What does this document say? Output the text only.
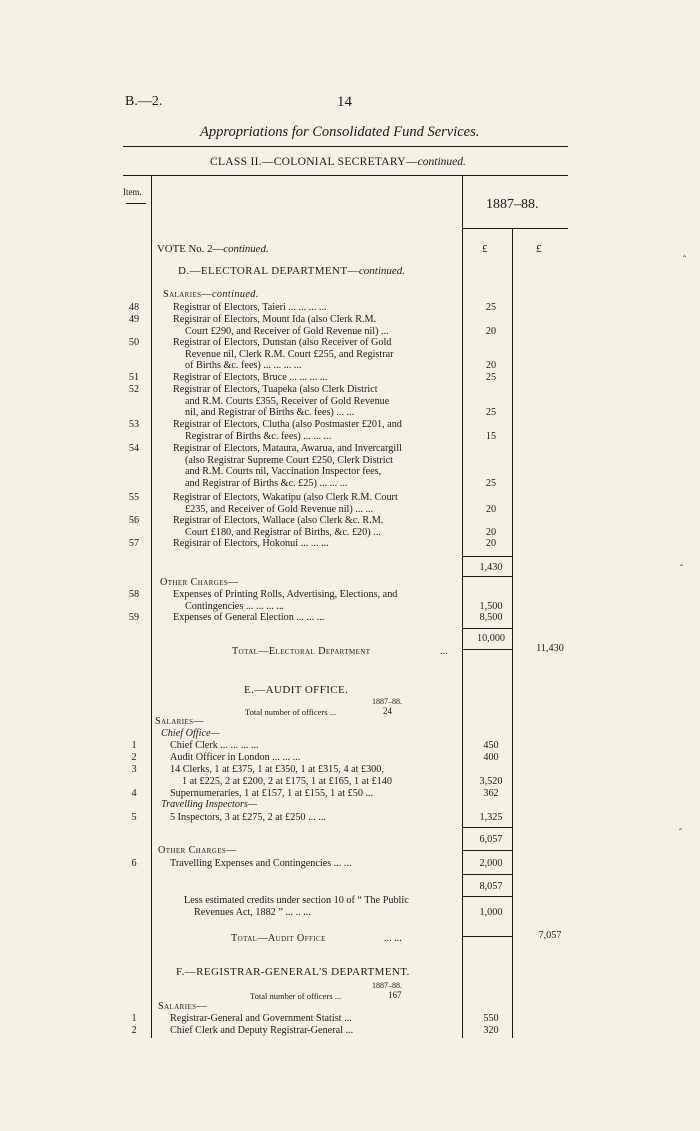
B.—2.	14
Appropriations for Consolidated Fund Services.
CLASS II.—COLONIAL SECRETARY—continued.
Item.
1887–88.
£	£
VOTE No. 2—continued.
D.—ELECTORAL DEPARTMENT—continued.
Salaries—continued.
48	Registrar of Electors, Taieri ... ... ... ...	25
49	Registrar of Electors, Mount Ida (also Clerk R.M.
Court £290, and Receiver of Gold Revenue nil) ...	20
50	Registrar of Electors, Dunstan (also Receiver of Gold
Revenue nil, Clerk R.M. Court £255, and Registrar
of Births &c. fees) ... ... ... ...	20
51	Registrar of Electors, Bruce ... ... ... ...	25
52	Registrar of Electors, Tuapeka (also Clerk District
and R.M. Courts £355, Receiver of Gold Revenue
nil, and Registrar of Births &c. fees) ... ...	25
53	Registrar of Electors, Clutha (also Postmaster £201, and
Registrar of Births &c. fees) ... ... ...	15
54	Registrar of Electors, Mataura, Awarua, and Invercargill
(also Registrar Supreme Court £250, Clerk District
and R.M. Courts nil, Vaccination Inspector fees,
and Registrar of Births &c. £25) ... ... ...	25
55	Registrar of Electors, Wakatipu (also Clerk R.M. Court
£235, and Receiver of Gold Revenue nil) ... ...	20
56	Registrar of Electors, Wallace (also Clerk &c. R.M.
Court £180, and Registrar of Births, &c. £20) ...	20
57	Registrar of Electors, Hokonui ... ... ...	20
1,430
Other Charges—
58	Expenses of Printing Rolls, Advertising, Elections, and
Contingencies ... ... ... ...	1,500
59	Expenses of General Election ... ... ...	8,500
10,000
Total—Electoral Department	...	11,430
E.—AUDIT OFFICE.
1887–88.
Total number of officers ...	24
Salaries—
Chief Office—
1	Chief Clerk ... ... ... ...	450
2	Audit Officer in London ... ... ...	400
3	14 Clerks, 1 at £375, 1 at £350, 1 at £315, 4 at £300,
1 at £225, 2 at £200, 2 at £175, 1 at £165, 1 at £140	3,520
4	Supernumeraries, 1 at £157, 1 at £155, 1 at £50 ...	362
Travelling Inspectors—
5	5 Inspectors, 3 at £275, 2 at £250 ... ...	1,325
6,057
Other Charges—
6	Travelling Expenses and Contingencies ... ...	2,000
8,057
Less estimated credits under section 10 of “ The Public
Revenues Act, 1882 ” ... .. ...	1,000
Total—Audit Office	... ...	7,057
F.—REGISTRAR-GENERAL'S DEPARTMENT.
1887–88.
Total number of officers ...	167
Salaries—
1	Registrar-General and Government Statist ...	550
2	Chief Clerk and Deputy Registrar-General ...	320
‸
‸
‸
